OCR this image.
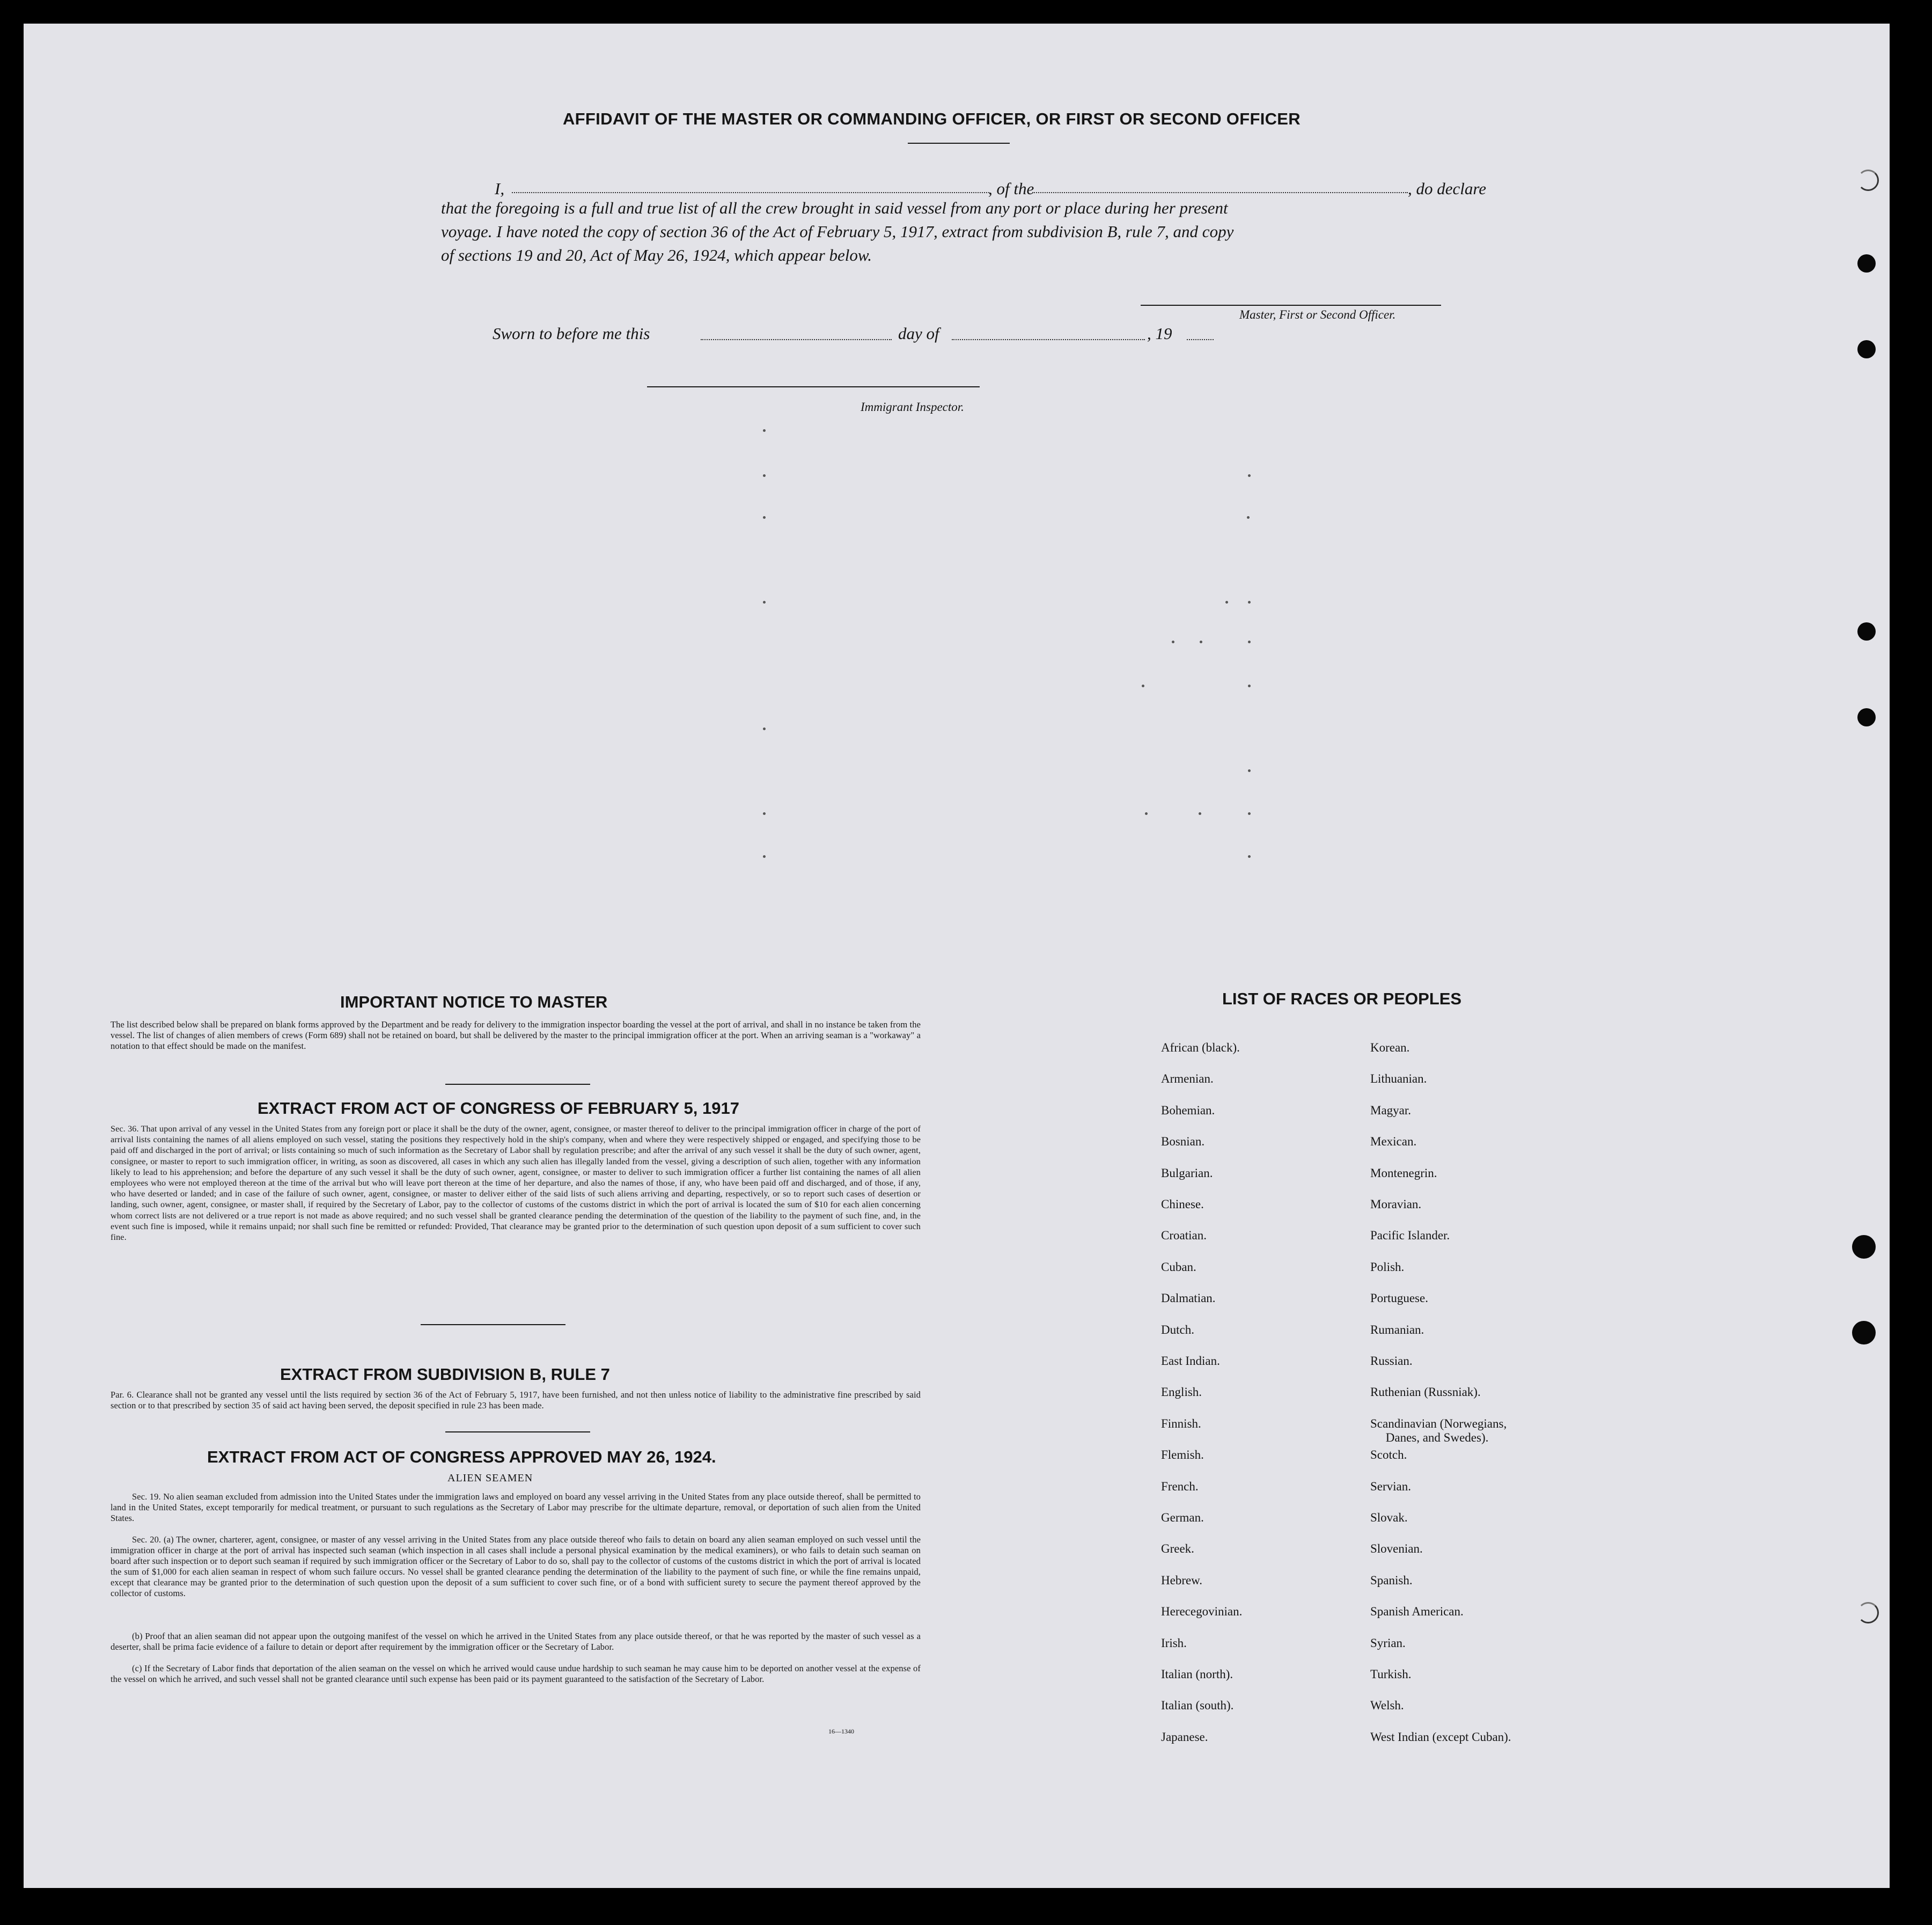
AFFIDAVIT OF THE MASTER OR COMMANDING OFFICER, OR FIRST OR SECOND OFFICER
I,	, of the	, do declare
that the foregoing is a full and true list of all the crew brought in said vessel from any port or place during her present
voyage. I have noted the copy of section 36 of the Act of February 5, 1917, extract from subdivision B, rule 7, and copy
of sections 19 and 20, Act of May 26, 1924, which appear below.
Master, First or Second Officer.
Sworn to before me this	day of	, 19
Immigrant Inspector.
IMPORTANT NOTICE TO MASTER
The list described below shall be prepared on blank forms approved by the Department and be ready for delivery to the immigration inspector boarding the vessel at the port of arrival, and shall in no instance be taken from the vessel. The list of changes of alien members of crews (Form 689) shall not be retained on board, but shall be delivered by the master to the principal immigration officer at the port. When an arriving seaman is a "workaway" a notation to that effect should be made on the manifest.
EXTRACT FROM ACT OF CONGRESS OF FEBRUARY 5, 1917
Sec. 36. That upon arrival of any vessel in the United States from any foreign port or place it shall be the duty of the owner, agent, consignee, or master thereof to deliver to the principal immigration officer in charge of the port of arrival lists containing the names of all aliens employed on such vessel, stating the positions they respectively hold in the ship's company, when and where they were respectively shipped or engaged, and specifying those to be paid off and discharged in the port of arrival; or lists containing so much of such information as the Secretary of Labor shall by regulation prescribe; and after the arrival of any such vessel it shall be the duty of such owner, agent, consignee, or master to report to such immigration officer, in writing, as soon as discovered, all cases in which any such alien has illegally landed from the vessel, giving a description of such alien, together with any information likely to lead to his apprehension; and before the departure of any such vessel it shall be the duty of such owner, agent, consignee, or master to deliver to such immigration officer a further list containing the names of all alien employees who were not employed thereon at the time of the arrival but who will leave port thereon at the time of her departure, and also the names of those, if any, who have been paid off and discharged, and of those, if any, who have deserted or landed; and in case of the failure of such owner, agent, consignee, or master to deliver either of the said lists of such aliens arriving and departing, respectively, or so to report such cases of desertion or landing, such owner, agent, consignee, or master shall, if required by the Secretary of Labor, pay to the collector of customs of the customs district in which the port of arrival is located the sum of $10 for each alien concerning whom correct lists are not delivered or a true report is not made as above required; and no such vessel shall be granted clearance pending the determination of the question of the liability to the payment of such fine, and, in the event such fine is imposed, while it remains unpaid; nor shall such fine be remitted or refunded: Provided, That clearance may be granted prior to the determination of such question upon deposit of a sum sufficient to cover such fine.
EXTRACT FROM SUBDIVISION B, RULE 7
Par. 6. Clearance shall not be granted any vessel until the lists required by section 36 of the Act of February 5, 1917, have been furnished, and not then unless notice of liability to the administrative fine prescribed by said section or to that prescribed by section 35 of said act having been served, the deposit specified in rule 23 has been made.
EXTRACT FROM ACT OF CONGRESS APPROVED MAY 26, 1924.
ALIEN SEAMEN
Sec. 19. No alien seaman excluded from admission into the United States under the immigration laws and employed on board any vessel arriving in the United States from any place outside thereof, shall be permitted to land in the United States, except temporarily for medical treatment, or pursuant to such regulations as the Secretary of Labor may prescribe for the ultimate departure, removal, or deportation of such alien from the United States.
Sec. 20. (a) The owner, charterer, agent, consignee, or master of any vessel arriving in the United States from any place outside thereof who fails to detain on board any alien seaman employed on such vessel until the immigration officer in charge at the port of arrival has inspected such seaman (which inspection in all cases shall include a personal physical examination by the medical examiners), or who fails to detain such seaman on board after such inspection or to deport such seaman if required by such immigration officer or the Secretary of Labor to do so, shall pay to the collector of customs of the customs district in which the port of arrival is located the sum of $1,000 for each alien seaman in respect of whom such failure occurs. No vessel shall be granted clearance pending the determination of the liability to the payment of such fine, or while the fine remains unpaid, except that clearance may be granted prior to the determination of such question upon the deposit of a sum sufficient to cover such fine, or of a bond with sufficient surety to secure the payment thereof approved by the collector of customs.
(b) Proof that an alien seaman did not appear upon the outgoing manifest of the vessel on which he arrived in the United States from any place outside thereof, or that he was reported by the master of such vessel as a deserter, shall be prima facie evidence of a failure to detain or deport after requirement by the immigration officer or the Secretary of Labor.
(c) If the Secretary of Labor finds that deportation of the alien seaman on the vessel on which he arrived would cause undue hardship to such seaman he may cause him to be deported on another vessel at the expense of the vessel on which he arrived, and such vessel shall not be granted clearance until such expense has been paid or its payment guaranteed to the satisfaction of the Secretary of Labor.
16—1340
LIST OF RACES OR PEOPLES
African (black).
Armenian.
Bohemian.
Bosnian.
Bulgarian.
Chinese.
Croatian.
Cuban.
Dalmatian.
Dutch.
East Indian.
English.
Finnish.
Flemish.
French.
German.
Greek.
Hebrew.
Herecegovinian.
Irish.
Italian (north).
Italian (south).
Japanese.
Korean.
Lithuanian.
Magyar.
Mexican.
Montenegrin.
Moravian.
Pacific Islander.
Polish.
Portuguese.
Rumanian.
Russian.
Ruthenian (Russniak).
Scandinavian (Norwegians,
Danes, and Swedes).
Scotch.
Servian.
Slovak.
Slovenian.
Spanish.
Spanish American.
Syrian.
Turkish.
Welsh.
West Indian (except Cuban).
